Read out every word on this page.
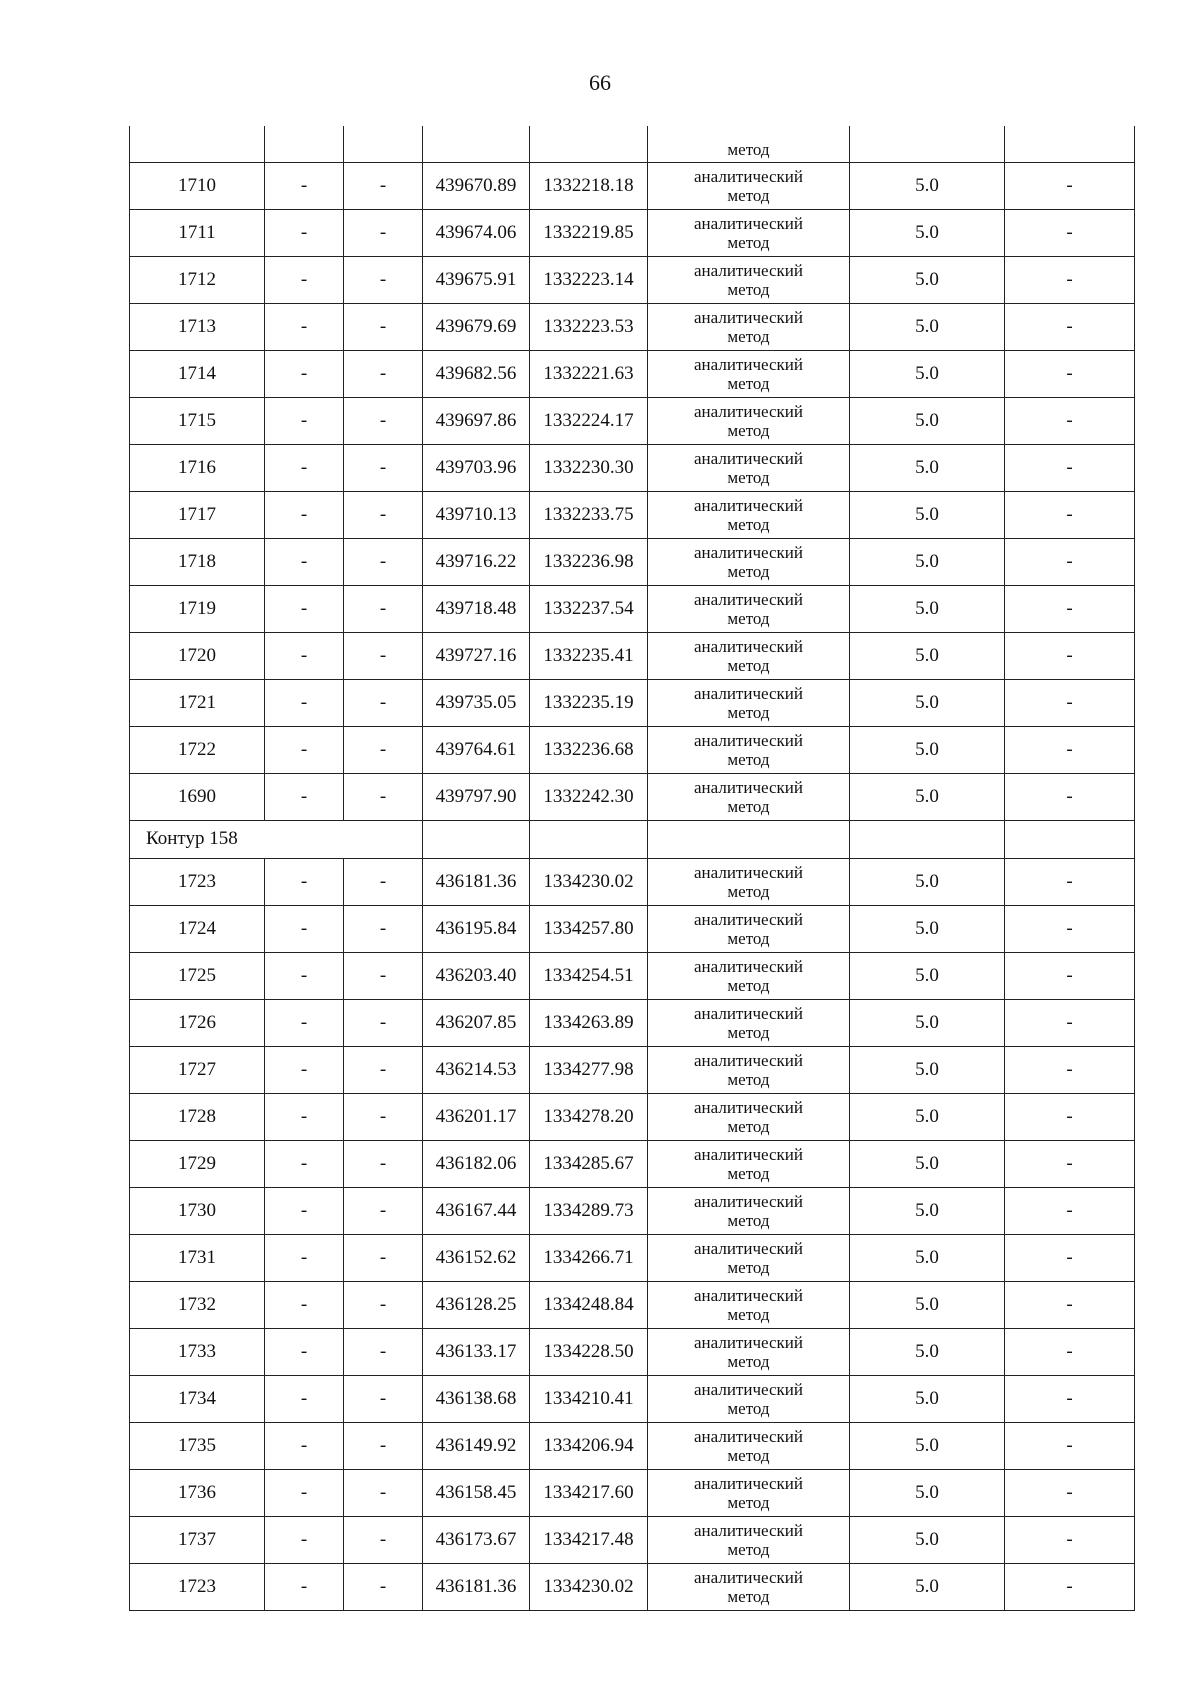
66
					метод		
1710	-	-	439670.89	1332218.18	аналитический
метод	5.0	-
1711	-	-	439674.06	1332219.85	аналитический
метод	5.0	-
1712	-	-	439675.91	1332223.14	аналитический
метод	5.0	-
1713	-	-	439679.69	1332223.53	аналитический
метод	5.0	-
1714	-	-	439682.56	1332221.63	аналитический
метод	5.0	-
1715	-	-	439697.86	1332224.17	аналитический
метод	5.0	-
1716	-	-	439703.96	1332230.30	аналитический
метод	5.0	-
1717	-	-	439710.13	1332233.75	аналитический
метод	5.0	-
1718	-	-	439716.22	1332236.98	аналитический
метод	5.0	-
1719	-	-	439718.48	1332237.54	аналитический
метод	5.0	-
1720	-	-	439727.16	1332235.41	аналитический
метод	5.0	-
1721	-	-	439735.05	1332235.19	аналитический
метод	5.0	-
1722	-	-	439764.61	1332236.68	аналитический
метод	5.0	-
1690	-	-	439797.90	1332242.30	аналитический
метод	5.0	-
Контур 158							
1723	-	-	436181.36	1334230.02	аналитический
метод	5.0	-
1724	-	-	436195.84	1334257.80	аналитический
метод	5.0	-
1725	-	-	436203.40	1334254.51	аналитический
метод	5.0	-
1726	-	-	436207.85	1334263.89	аналитический
метод	5.0	-
1727	-	-	436214.53	1334277.98	аналитический
метод	5.0	-
1728	-	-	436201.17	1334278.20	аналитический
метод	5.0	-
1729	-	-	436182.06	1334285.67	аналитический
метод	5.0	-
1730	-	-	436167.44	1334289.73	аналитический
метод	5.0	-
1731	-	-	436152.62	1334266.71	аналитический
метод	5.0	-
1732	-	-	436128.25	1334248.84	аналитический
метод	5.0	-
1733	-	-	436133.17	1334228.50	аналитический
метод	5.0	-
1734	-	-	436138.68	1334210.41	аналитический
метод	5.0	-
1735	-	-	436149.92	1334206.94	аналитический
метод	5.0	-
1736	-	-	436158.45	1334217.60	аналитический
метод	5.0	-
1737	-	-	436173.67	1334217.48	аналитический
метод	5.0	-
1723	-	-	436181.36	1334230.02	аналитический
метод	5.0	-
